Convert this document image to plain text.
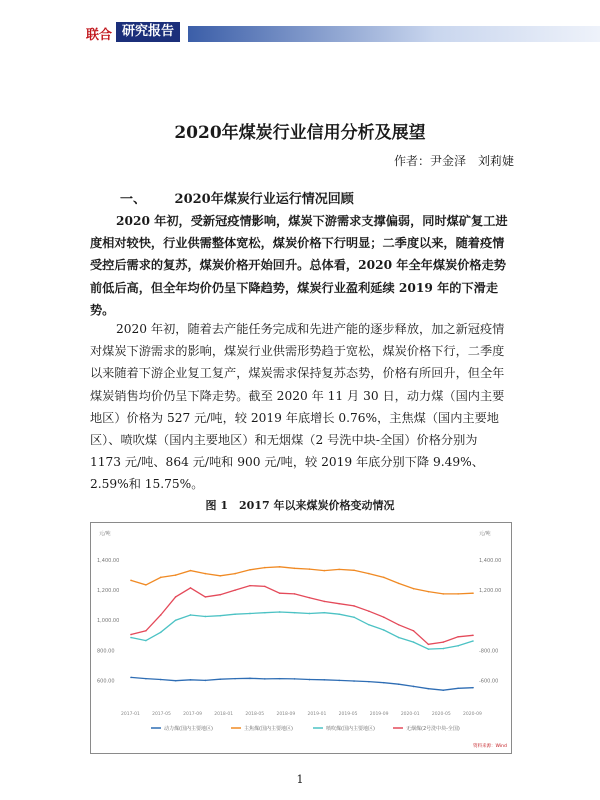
联合 研究报告
2020年煤炭行业信用分析及展望
作者：尹金泽　刘莉婕
一、 2020年煤炭行业运行情况回顾

2020 年初，受新冠疫情影响，煤炭下游需求支撑偏弱，同时煤矿复工进度相对较快，行业供需整体宽松，煤炭价格下行明显；二季度以来，随着疫情受控后需求的复苏，煤炭价格开始回升。总体看，2020 年全年煤炭价格走势前低后高，但全年均价仍呈下降趋势，煤炭行业盈利延续 2019 年的下滑走势。

2020 年初，随着去产能任务完成和先进产能的逐步释放，加之新冠疫情对煤炭下游需求的影响，煤炭行业供需形势趋于宽松，煤炭价格下行，二季度以来随着下游企业复工复产，煤炭需求保持复苏态势，价格有所回升，但全年煤炭销售均价仍呈下降走势。截至 2020 年 11 月 30 日，动力煤（国内主要地区）价格为 527 元/吨，较 2019 年底增长 0.76%，主焦煤（国内主要地区）、喷吹煤（国内主要地区）和无烟煤（2 号洗中块-全国）价格分别为 1173 元/吨、864 元/吨和 900 元/吨，较 2019 年底分别下降 9.49%、2.59%和 15.75%。

图 1　2017 年以来煤炭价格变动情况
元/吨	元/吨
1,400.00
1,200.00
1,000.00
800.00
600.00
1,400.00
1,200.00
-800.00
-600.00
2017-01	2017-05	2017-09	2018-01	2018-05	2018-09	2019-01	2019-05	2019-09	2020-01	2020-05	2020-09
动力煤(国内主要地区)	主焦煤(国内主要地区)	喷吹煤(国内主要地区)	无烟煤(2号洗中块-全国)
资料来源：Wind
1
